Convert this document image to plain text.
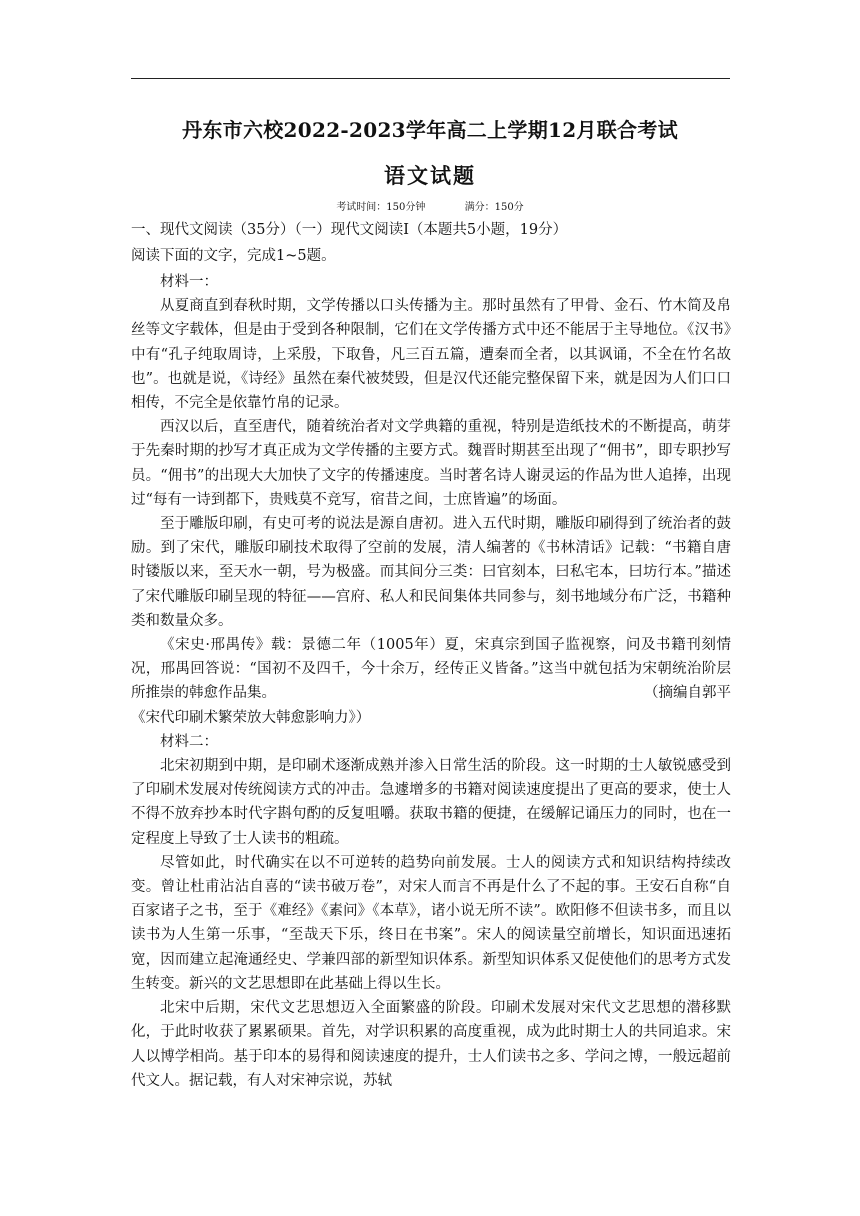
丹东市六校2022-2023学年高二上学期12月联合考试
语文试题
考试时间：150分钟	满分：150分
一、现代文阅读（35分）（一）现代文阅读Ⅰ（本题共5小题，19分）
阅读下面的文字，完成1~5题。

材料一：

从夏商直到春秋时期，文学传播以口头传播为主。那时虽然有了甲骨、金石、竹木简及帛丝等文字载体，但是由于受到各种限制，它们在文学传播方式中还不能居于主导地位。《汉书》中有“孔子纯取周诗，上采殷，下取鲁，凡三百五篇，遭秦而全者，以其讽诵，不全在竹名故也”。也就是说，《诗经》虽然在秦代被焚毁，但是汉代还能完整保留下来，就是因为人们口口相传，不完全是依靠竹帛的记录。

西汉以后，直至唐代，随着统治者对文学典籍的重视，特别是造纸技术的不断提高，萌芽于先秦时期的抄写才真正成为文学传播的主要方式。魏晋时期甚至出现了“佣书”，即专职抄写员。“佣书”的出现大大加快了文字的传播速度。当时著名诗人谢灵运的作品为世人追捧，出现过“每有一诗到都下，贵贱莫不竞写，宿昔之间，士庶皆遍”的场面。

至于雕版印刷，有史可考的说法是源自唐初。进入五代时期，雕版印刷得到了统治者的鼓励。到了宋代，雕版印刷技术取得了空前的发展，清人编著的《书林清话》记载：“书籍自唐时镂版以来，至天水一朝，号为极盛。而其间分三类：曰官刻本，曰私宅本，曰坊行本。”描述了宋代雕版印刷呈现的特征——宫府、私人和民间集体共同参与，刻书地域分布广泛，书籍种类和数量众多。

《宋史·邢禺传》载：景德二年（1005年）夏，宋真宗到国子监视察，问及书籍刊刻情况，邢禺回答说：“国初不及四千，今十余万，经传正义皆备。”这当中就包括为宋朝统治阶层所推崇的韩愈作品集。	（摘编自郭平

《宋代印刷术繁荣放大韩愈影响力》）

材料二：

北宋初期到中期，是印刷术逐渐成熟并渗入日常生活的阶段。这一时期的士人敏锐感受到了印刷术发展对传统阅读方式的冲击。急遽增多的书籍对阅读速度提出了更高的要求，使士人不得不放弃抄本时代字斟句酌的反复咀嚼。获取书籍的便捷，在缓解记诵压力的同时，也在一定程度上导致了士人读书的粗疏。

尽管如此，时代确实在以不可逆转的趋势向前发展。士人的阅读方式和知识结构持续改变。曾让杜甫沾沾自喜的“读书破万卷”，对宋人而言不再是什么了不起的事。王安石自称“自百家诸子之书，至于《难经》《素问》《本草》，诸小说无所不读”。欧阳修不但读书多，而且以读书为人生第一乐事，“至哉天下乐，终日在书案”。宋人的阅读量空前增长，知识面迅速拓宽，因而建立起淹通经史、学兼四部的新型知识体系。新型知识体系又促使他们的思考方式发生转变。新兴的文艺思想即在此基础上得以生长。

北宋中后期，宋代文艺思想迈入全面繁盛的阶段。印刷术发展对宋代文艺思想的潜移默化，于此时收获了累累硕果。首先，对学识积累的高度重视，成为此时期士人的共同追求。宋人以博学相尚。基于印本的易得和阅读速度的提升，士人们读书之多、学问之博，一般远超前代文人。据记载，有人对宋神宗说，苏轼
